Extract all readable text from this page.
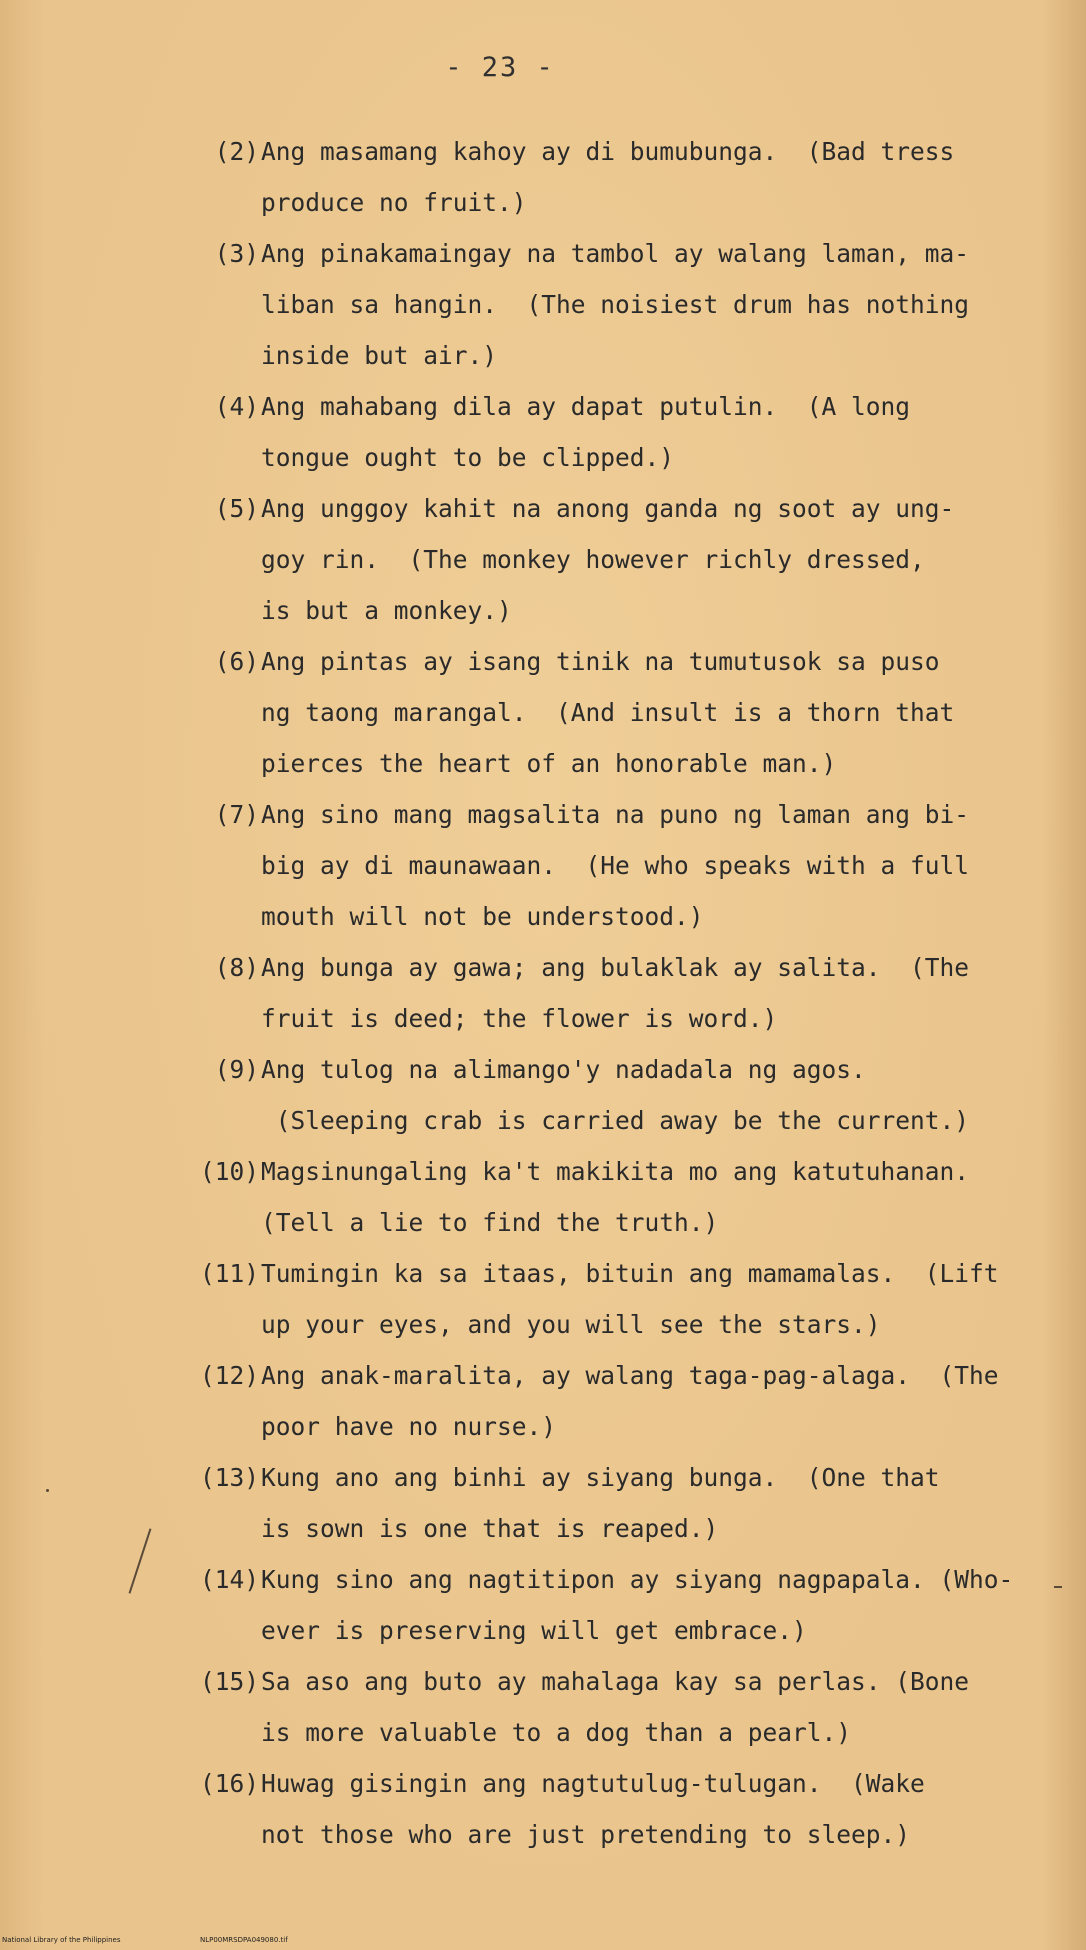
- 23 -
(2) Ang masamang kahoy ay di bumubunga.  (Bad tress
produce no fruit.)
(3) Ang pinakamaingay na tambol ay walang laman, ma-
liban sa hangin.  (The noisiest drum has nothing
inside but air.)
(4) Ang mahabang dila ay dapat putulin.  (A long
tongue ought to be clipped.)
(5) Ang unggoy kahit na anong ganda ng soot ay ung-
goy rin.  (The monkey however richly dressed,
is but a monkey.)
(6) Ang pintas ay isang tinik na tumutusok sa puso
ng taong marangal.  (And insult is a thorn that
pierces the heart of an honorable man.)
(7) Ang sino mang magsalita na puno ng laman ang bi-
big ay di maunawaan.  (He who speaks with a full
mouth will not be understood.)
(8) Ang bunga ay gawa; ang bulaklak ay salita.  (The
fruit is deed; the flower is word.)
(9) Ang tulog na alimango'y nadadala ng agos.
(Sleeping crab is carried away be the current.)
(10) Magsinungaling ka't makikita mo ang katutuhanan.
(Tell a lie to find the truth.)
(11) Tumingin ka sa itaas, bituin ang mamamalas.  (Lift
up your eyes, and you will see the stars.)
(12) Ang anak-maralita, ay walang taga-pag-alaga.  (The
poor have no nurse.)
(13) Kung ano ang binhi ay siyang bunga.  (One that
is sown is one that is reaped.)
(14) Kung sino ang nagtitipon ay siyang nagpapala. (Who-
ever is preserving will get embrace.)
(15) Sa aso ang buto ay mahalaga kay sa perlas. (Bone
is more valuable to a dog than a pearl.)
(16) Huwag gisingin ang nagtutulug-tulugan.  (Wake
not those who are just pretending to sleep.)
National Library of the Philippines	NLP00MRSDPA049080.tif
